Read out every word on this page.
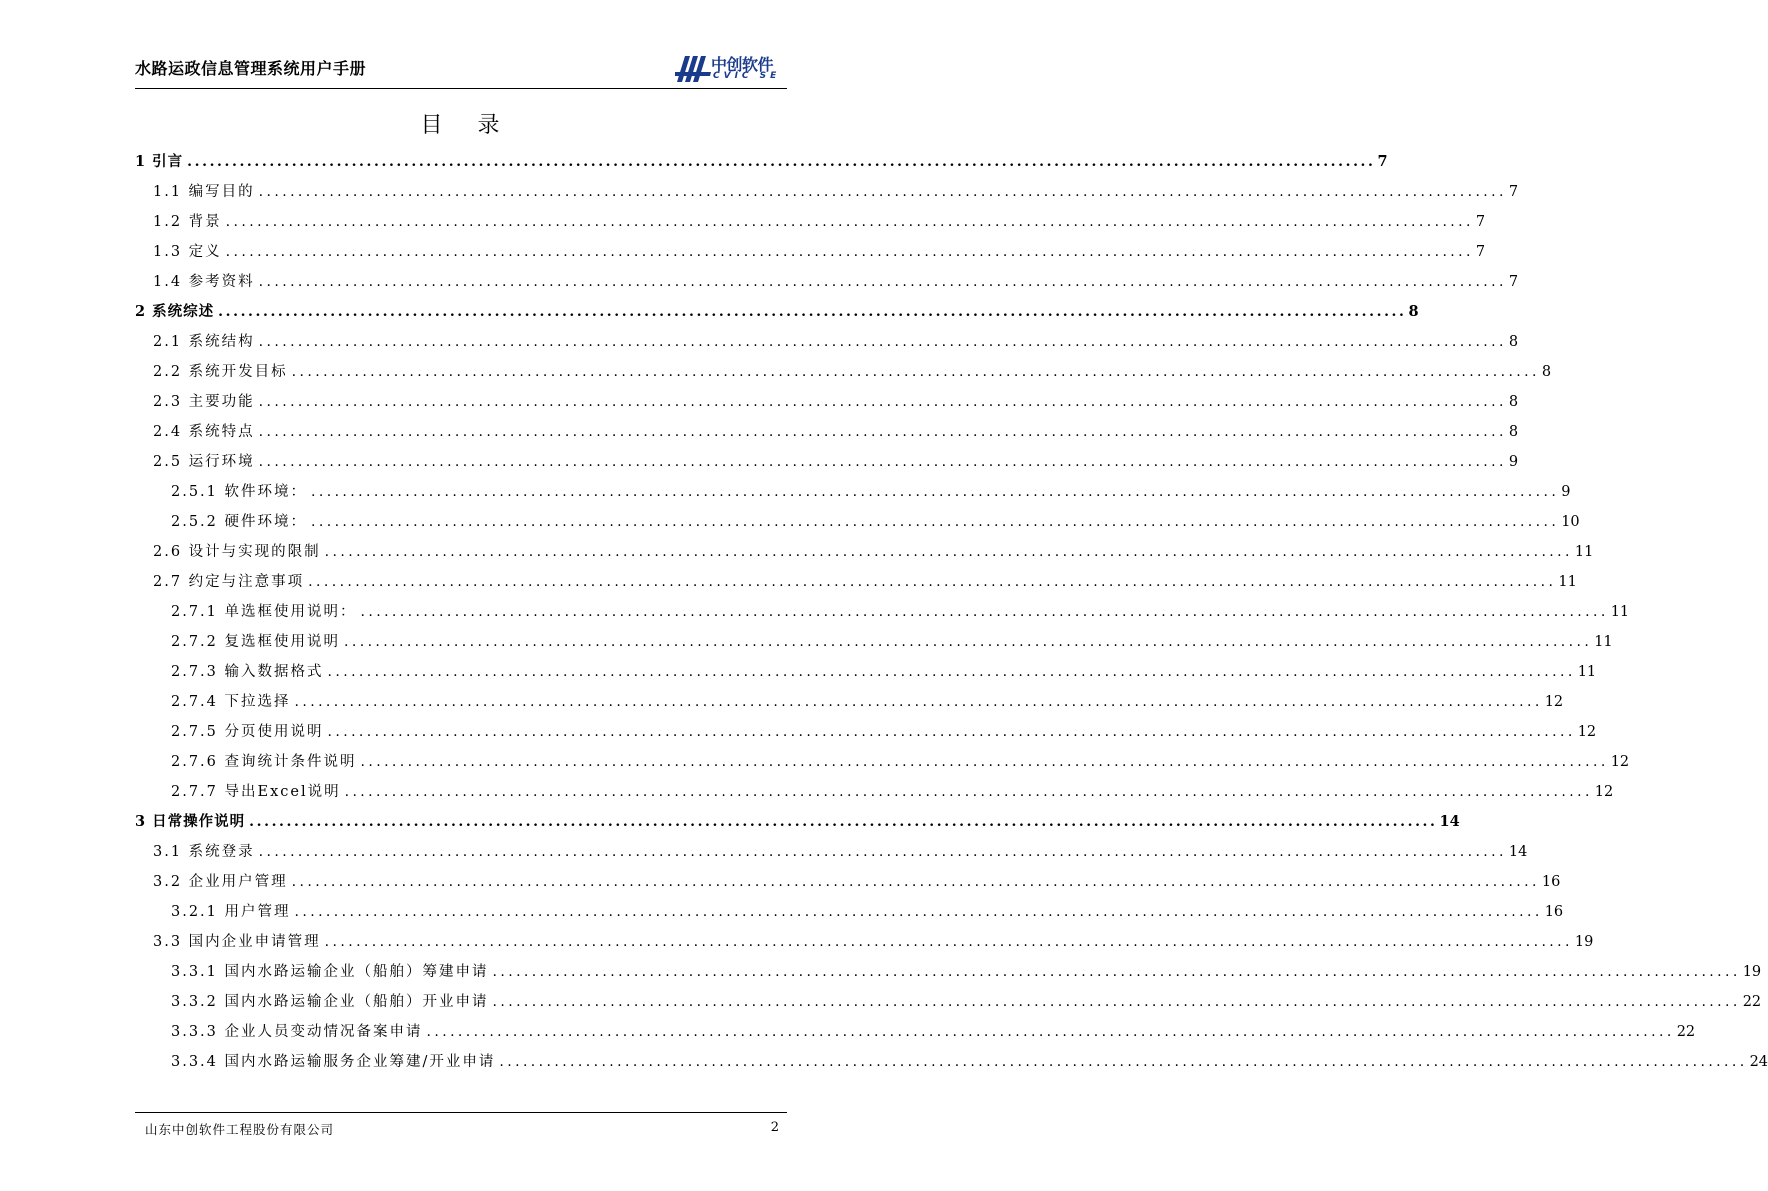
水路运政信息管理系统用户手册	中创软件
CVIC SE
目 录
1 引言 ............................................................................................................................................................... 7
1.1 编写目的 ............................................................................................................................................................... 7
1.2 背景 ............................................................................................................................................................... 7
1.3 定义 ............................................................................................................................................................... 7
1.4 参考资料 ............................................................................................................................................................... 7
2 系统综述 ............................................................................................................................................................... 8
2.1 系统结构 ............................................................................................................................................................... 8
2.2 系统开发目标 ............................................................................................................................................................... 8
2.3 主要功能 ............................................................................................................................................................... 8
2.4 系统特点 ............................................................................................................................................................... 8
2.5 运行环境 ............................................................................................................................................................... 9
2.5.1 软件环境： ............................................................................................................................................................... 9
2.5.2 硬件环境： ............................................................................................................................................................... 10
2.6 设计与实现的限制 ............................................................................................................................................................... 11
2.7 约定与注意事项 ............................................................................................................................................................... 11
2.7.1 单选框使用说明： ............................................................................................................................................................... 11
2.7.2 复选框使用说明 ............................................................................................................................................................... 11
2.7.3 输入数据格式 ............................................................................................................................................................... 11
2.7.4 下拉选择 ............................................................................................................................................................... 12
2.7.5 分页使用说明 ............................................................................................................................................................... 12
2.7.6 查询统计条件说明 ............................................................................................................................................................... 12
2.7.7 导出Excel说明 ............................................................................................................................................................... 12
3 日常操作说明 ............................................................................................................................................................... 14
3.1 系统登录 ............................................................................................................................................................... 14
3.2 企业用户管理 ............................................................................................................................................................... 16
3.2.1 用户管理 ............................................................................................................................................................... 16
3.3 国内企业申请管理 ............................................................................................................................................................... 19
3.3.1 国内水路运输企业（船舶）筹建申请 ............................................................................................................................................................... 19
3.3.2 国内水路运输企业（船舶）开业申请 ............................................................................................................................................................... 22
3.3.3 企业人员变动情况备案申请 ............................................................................................................................................................... 22
3.3.4 国内水路运输服务企业筹建/开业申请 ............................................................................................................................................................... 24
山东中创软件工程股份有限公司	2
